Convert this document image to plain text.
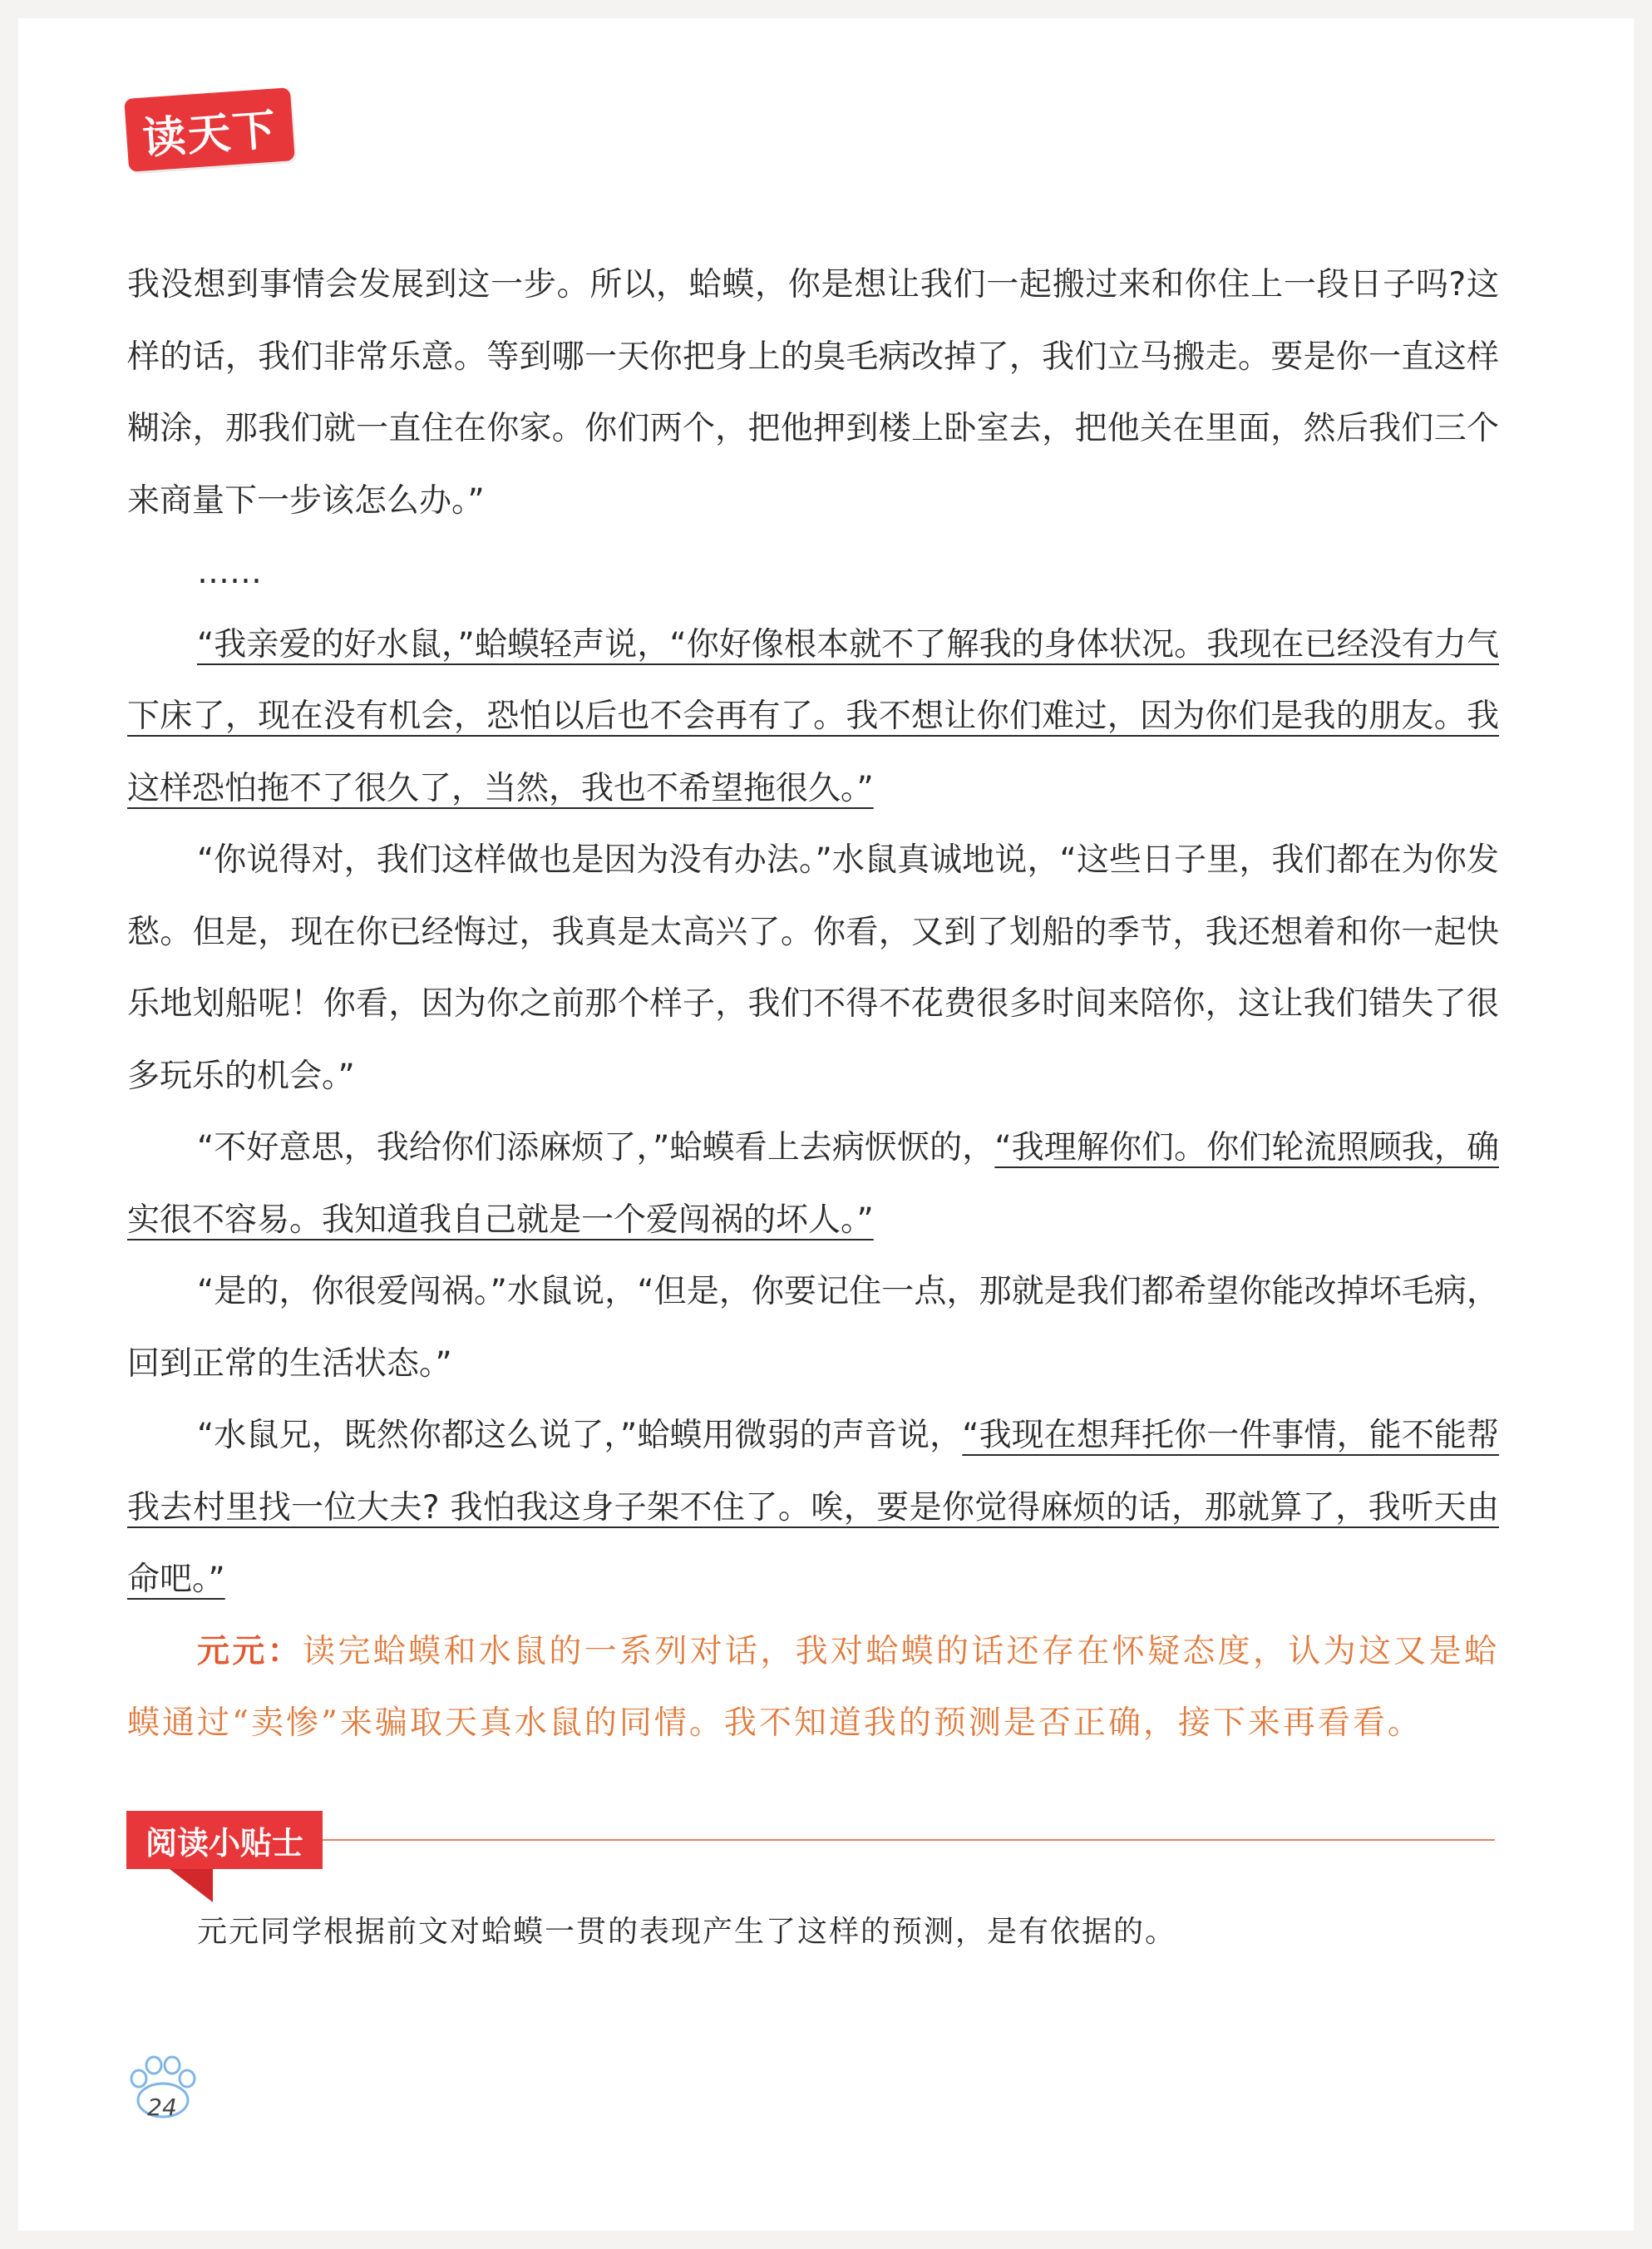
读天下

我没想到事情会发展到这一步。所以，蛤蟆，你是想让我们一起搬过来和你住上一段日子吗?这样的话，我们非常乐意。等到哪一天你把身上的臭毛病改掉了，我们立马搬走。要是你一直这样糊涂，那我们就一直住在你家。你们两个，把他押到楼上卧室去，把他关在里面，然后我们三个来商量下一步该怎么办。”

……

“我亲爱的好水鼠，”蛤蟆轻声说，“你好像根本就不了解我的身体状况。我现在已经没有力气下床了，现在没有机会，恐怕以后也不会再有了。我不想让你们难过，因为你们是我的朋友。我这样恐怕拖不了很久了，当然，我也不希望拖很久。”

“你说得对，我们这样做也是因为没有办法。”水鼠真诚地说，“这些日子里，我们都在为你发愁。但是，现在你已经悔过，我真是太高兴了。你看，又到了划船的季节，我还想着和你一起快乐地划船呢！你看，因为你之前那个样子，我们不得不花费很多时间来陪你，这让我们错失了很多玩乐的机会。”

“不好意思，我给你们添麻烦了，”蛤蟆看上去病恹恹的，“我理解你们。你们轮流照顾我，确实很不容易。我知道我自己就是一个爱闯祸的坏人。”

“是的，你很爱闯祸。”水鼠说，“但是，你要记住一点，那就是我们都希望你能改掉坏毛病，回到正常的生活状态。”

“水鼠兄，既然你都这么说了，”蛤蟆用微弱的声音说，“我现在想拜托你一件事情，能不能帮我去村里找一位大夫? 我怕我这身子架不住了。唉，要是你觉得麻烦的话，那就算了，我听天由命吧。”

元元：读完蛤蟆和水鼠的一系列对话，我对蛤蟆的话还存在怀疑态度，认为这又是蛤蟆通过“卖惨”来骗取天真水鼠的同情。我不知道我的预测是否正确，接下来再看看。

阅读小贴士
元元同学根据前文对蛤蟆一贯的表现产生了这样的预测，是有依据的。
24
